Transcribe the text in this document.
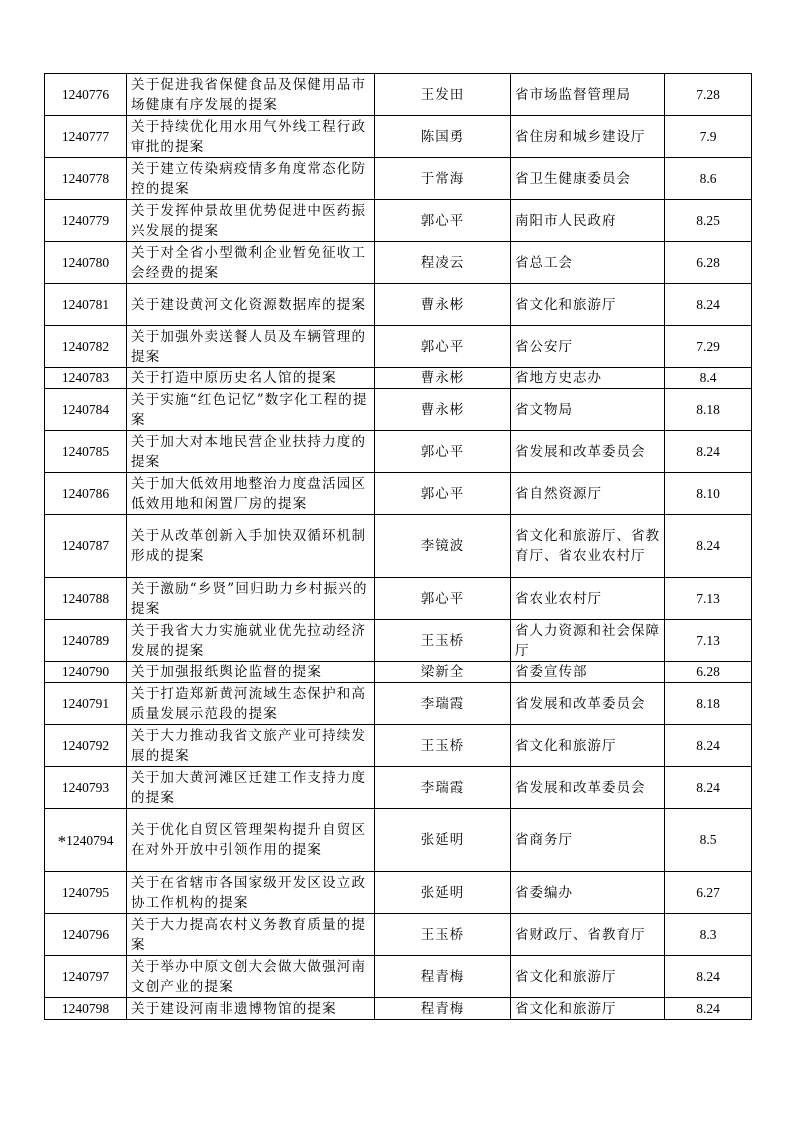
1240776	关于促进我省保健食品及保健用品市场健康有序发展的提案	王发田	省市场监督管理局	7.28
1240777	关于持续优化用水用气外线工程行政审批的提案	陈国勇	省住房和城乡建设厅	7.9
1240778	关于建立传染病疫情多角度常态化防控的提案	于常海	省卫生健康委员会	8.6
1240779	关于发挥仲景故里优势促进中医药振兴发展的提案	郭心平	南阳市人民政府	8.25
1240780	关于对全省小型微利企业暂免征收工会经费的提案	程凌云	省总工会	6.28
1240781	关于建设黄河文化资源数据库的提案	曹永彬	省文化和旅游厅	8.24
1240782	关于加强外卖送餐人员及车辆管理的提案	郭心平	省公安厅	7.29
1240783	关于打造中原历史名人馆的提案	曹永彬	省地方史志办	8.4
1240784	关于实施“红色记忆”数字化工程的提案	曹永彬	省文物局	8.18
1240785	关于加大对本地民营企业扶持力度的提案	郭心平	省发展和改革委员会	8.24
1240786	关于加大低效用地整治力度盘活园区低效用地和闲置厂房的提案	郭心平	省自然资源厅	8.10
1240787	关于从改革创新入手加快双循环机制形成的提案	李镜波	省文化和旅游厅、省教育厅、省农业农村厅	8.24
1240788	关于激励“乡贤”回归助力乡村振兴的提案	郭心平	省农业农村厅	7.13
1240789	关于我省大力实施就业优先拉动经济发展的提案	王玉桥	省人力资源和社会保障厅	7.13
1240790	关于加强报纸舆论监督的提案	梁新全	省委宣传部	6.28
1240791	关于打造郑新黄河流域生态保护和高质量发展示范段的提案	李瑞霞	省发展和改革委员会	8.18
1240792	关于大力推动我省文旅产业可持续发展的提案	王玉桥	省文化和旅游厅	8.24
1240793	关于加大黄河滩区迁建工作支持力度的提案	李瑞霞	省发展和改革委员会	8.24
*1240794	关于优化自贸区管理架构提升自贸区在对外开放中引领作用的提案	张延明	省商务厅	8.5
1240795	关于在省辖市各国家级开发区设立政协工作机构的提案	张延明	省委编办	6.27
1240796	关于大力提高农村义务教育质量的提案	王玉桥	省财政厅、省教育厅	8.3
1240797	关于举办中原文创大会做大做强河南文创产业的提案	程青梅	省文化和旅游厅	8.24
1240798	关于建设河南非遗博物馆的提案	程青梅	省文化和旅游厅	8.24
